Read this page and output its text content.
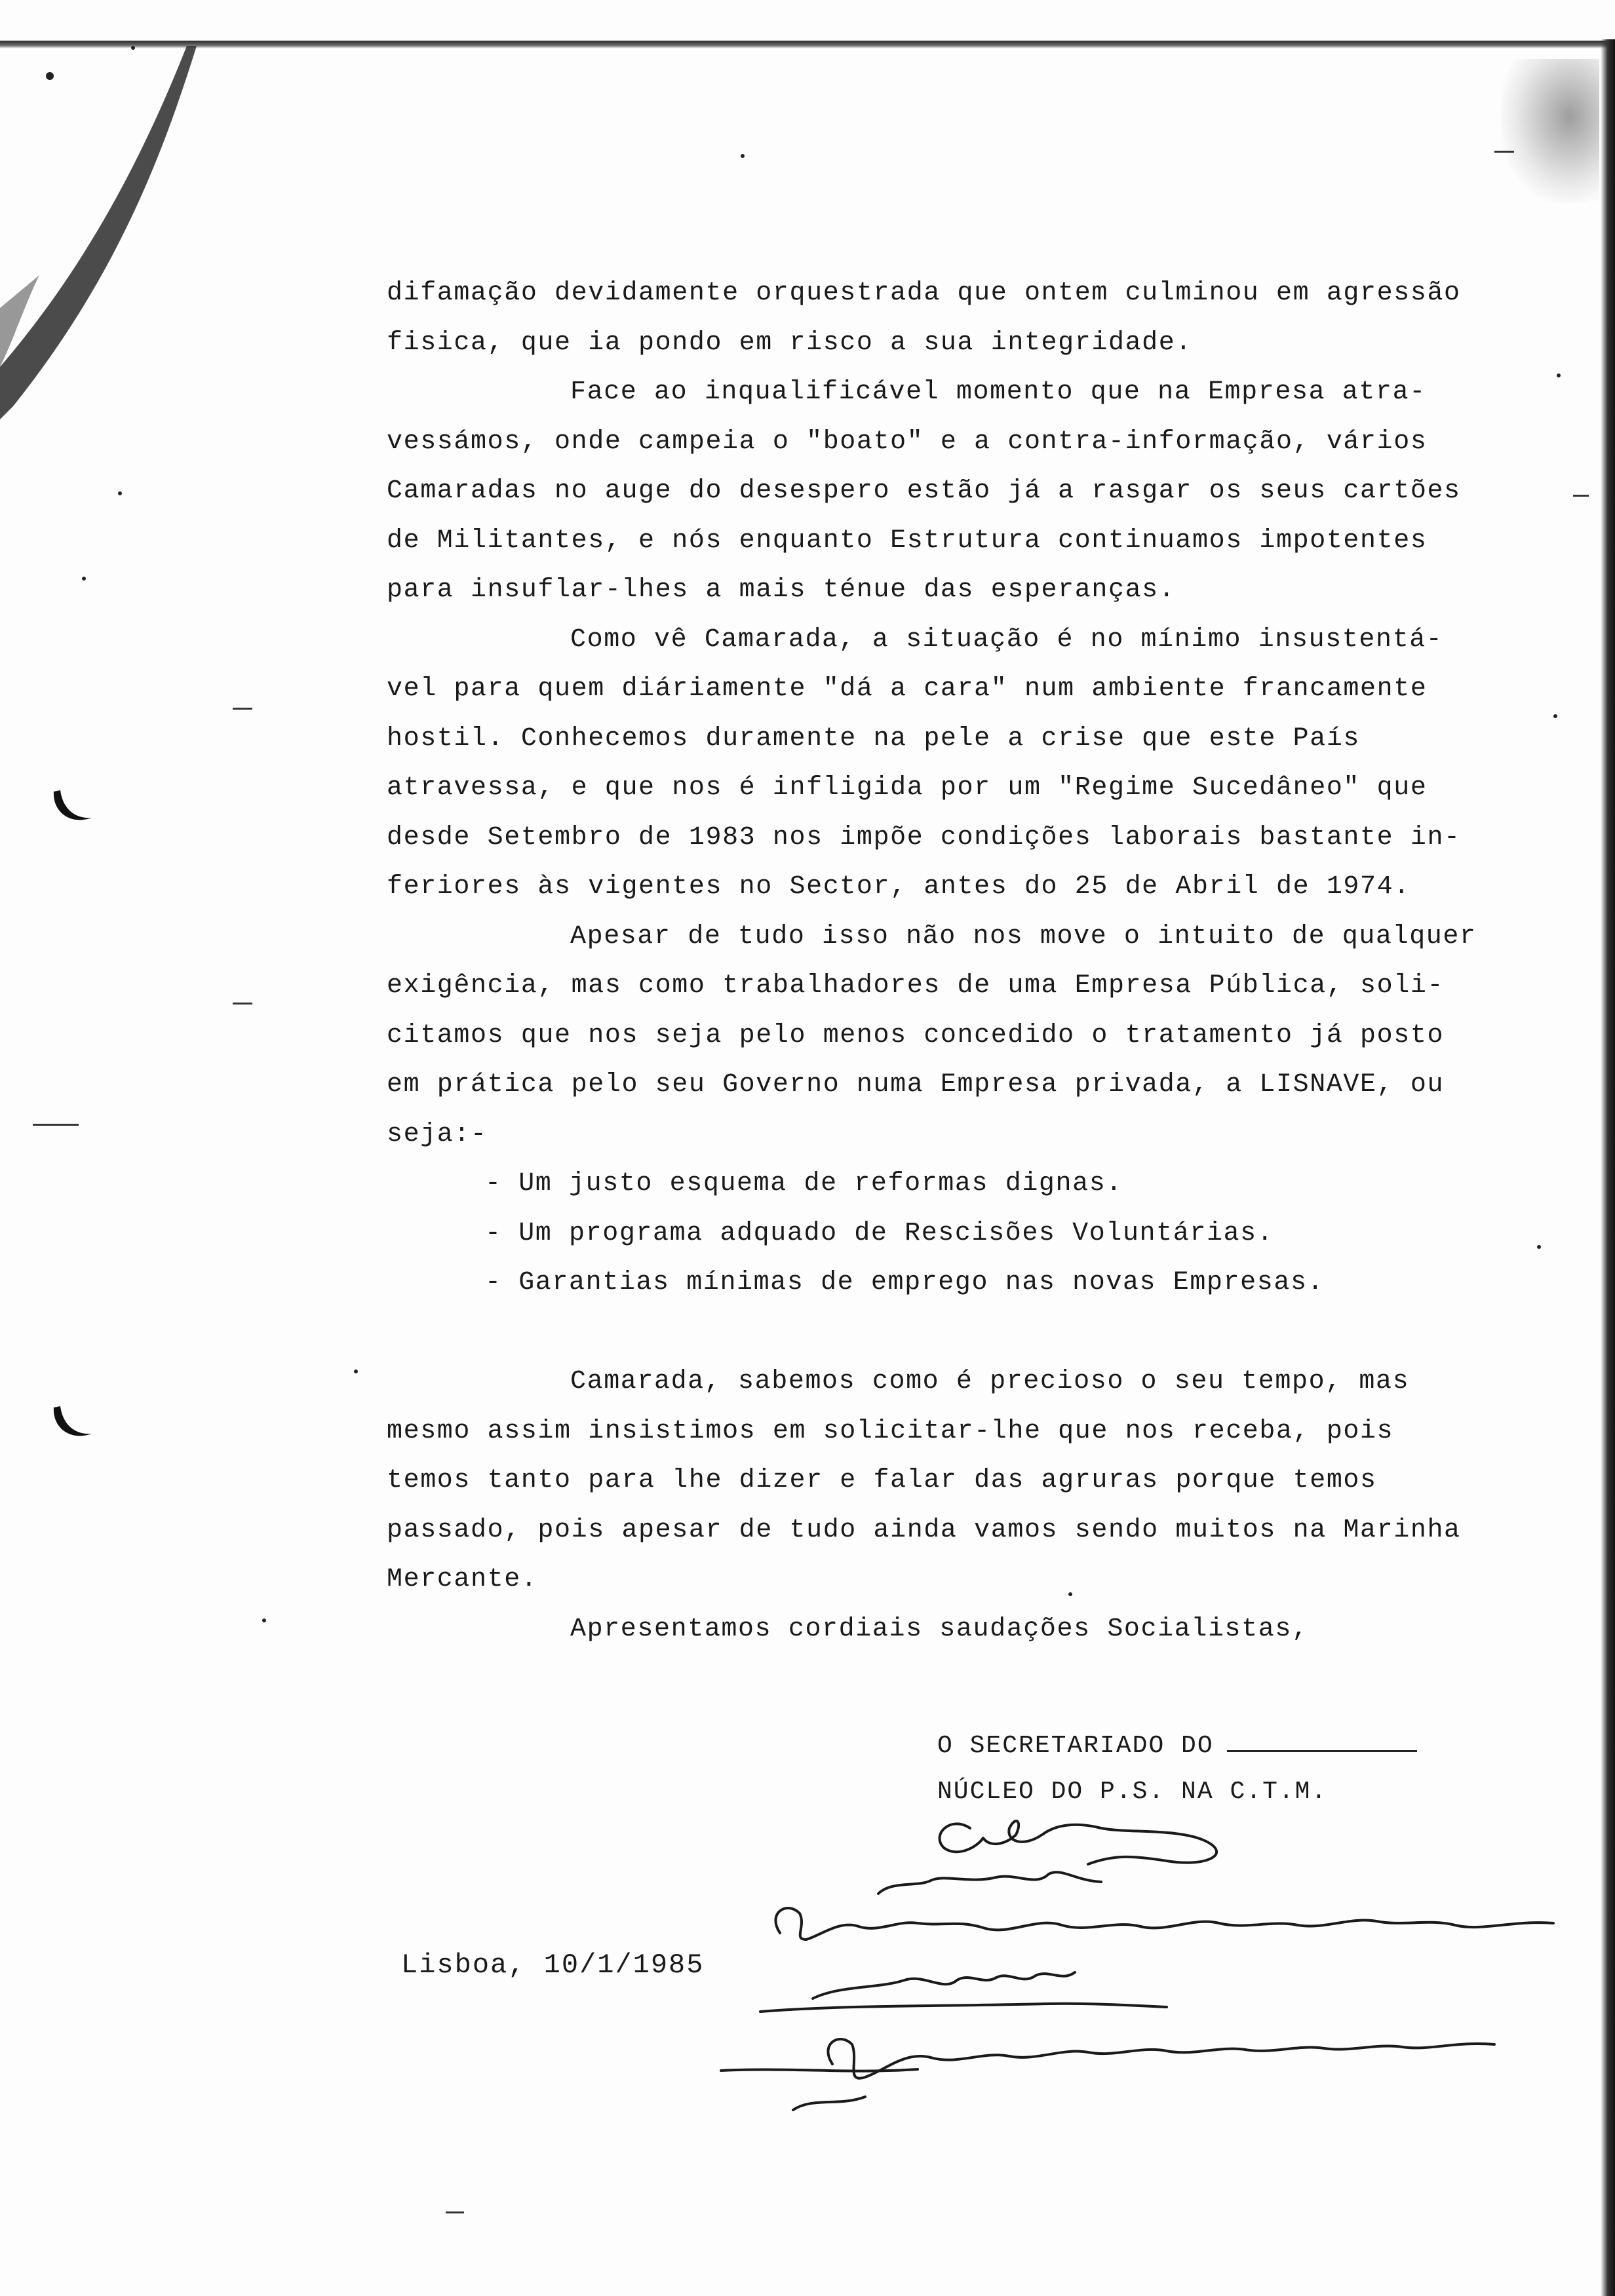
difamação devidamente orquestrada que ontem culminou em agressão
fisica, que ia pondo em risco a sua integridade.
Face ao inqualificável momento que na Empresa atra-
vessámos, onde campeia o "boato" e a contra-informação, vários
Camaradas no auge do desespero estão já a rasgar os seus cartões
de Militantes, e nós enquanto Estrutura continuamos impotentes
para insuflar-lhes a mais ténue das esperanças.
Como vê Camarada, a situação é no mínimo insustentá-
vel para quem diáriamente "dá a cara" num ambiente francamente
hostil. Conhecemos duramente na pele a crise que este País
atravessa, e que nos é infligida por um "Regime Sucedâneo" que
desde Setembro de 1983 nos impõe condições laborais bastante in-
feriores às vigentes no Sector, antes do 25 de Abril de 1974.
Apesar de tudo isso não nos move o intuito de qualquer
exigência, mas como trabalhadores de uma Empresa Pública, soli-
citamos que nos seja pelo menos concedido o tratamento já posto
em prática pelo seu Governo numa Empresa privada, a LISNAVE, ou
seja:-
- Um justo esquema de reformas dignas.
- Um programa adquado de Rescisões Voluntárias.
- Garantias mínimas de emprego nas novas Empresas.
Camarada, sabemos como é precioso o seu tempo, mas
mesmo assim insistimos em solicitar-lhe que nos receba, pois
temos tanto para lhe dizer e falar das agruras porque temos
passado, pois apesar de tudo ainda vamos sendo muitos na Marinha
Mercante.
Apresentamos cordiais saudações Socialistas,
O SECRETARIADO DO
NÚCLEO DO P.S. NA C.T.M.
Lisboa, 10/1/1985
